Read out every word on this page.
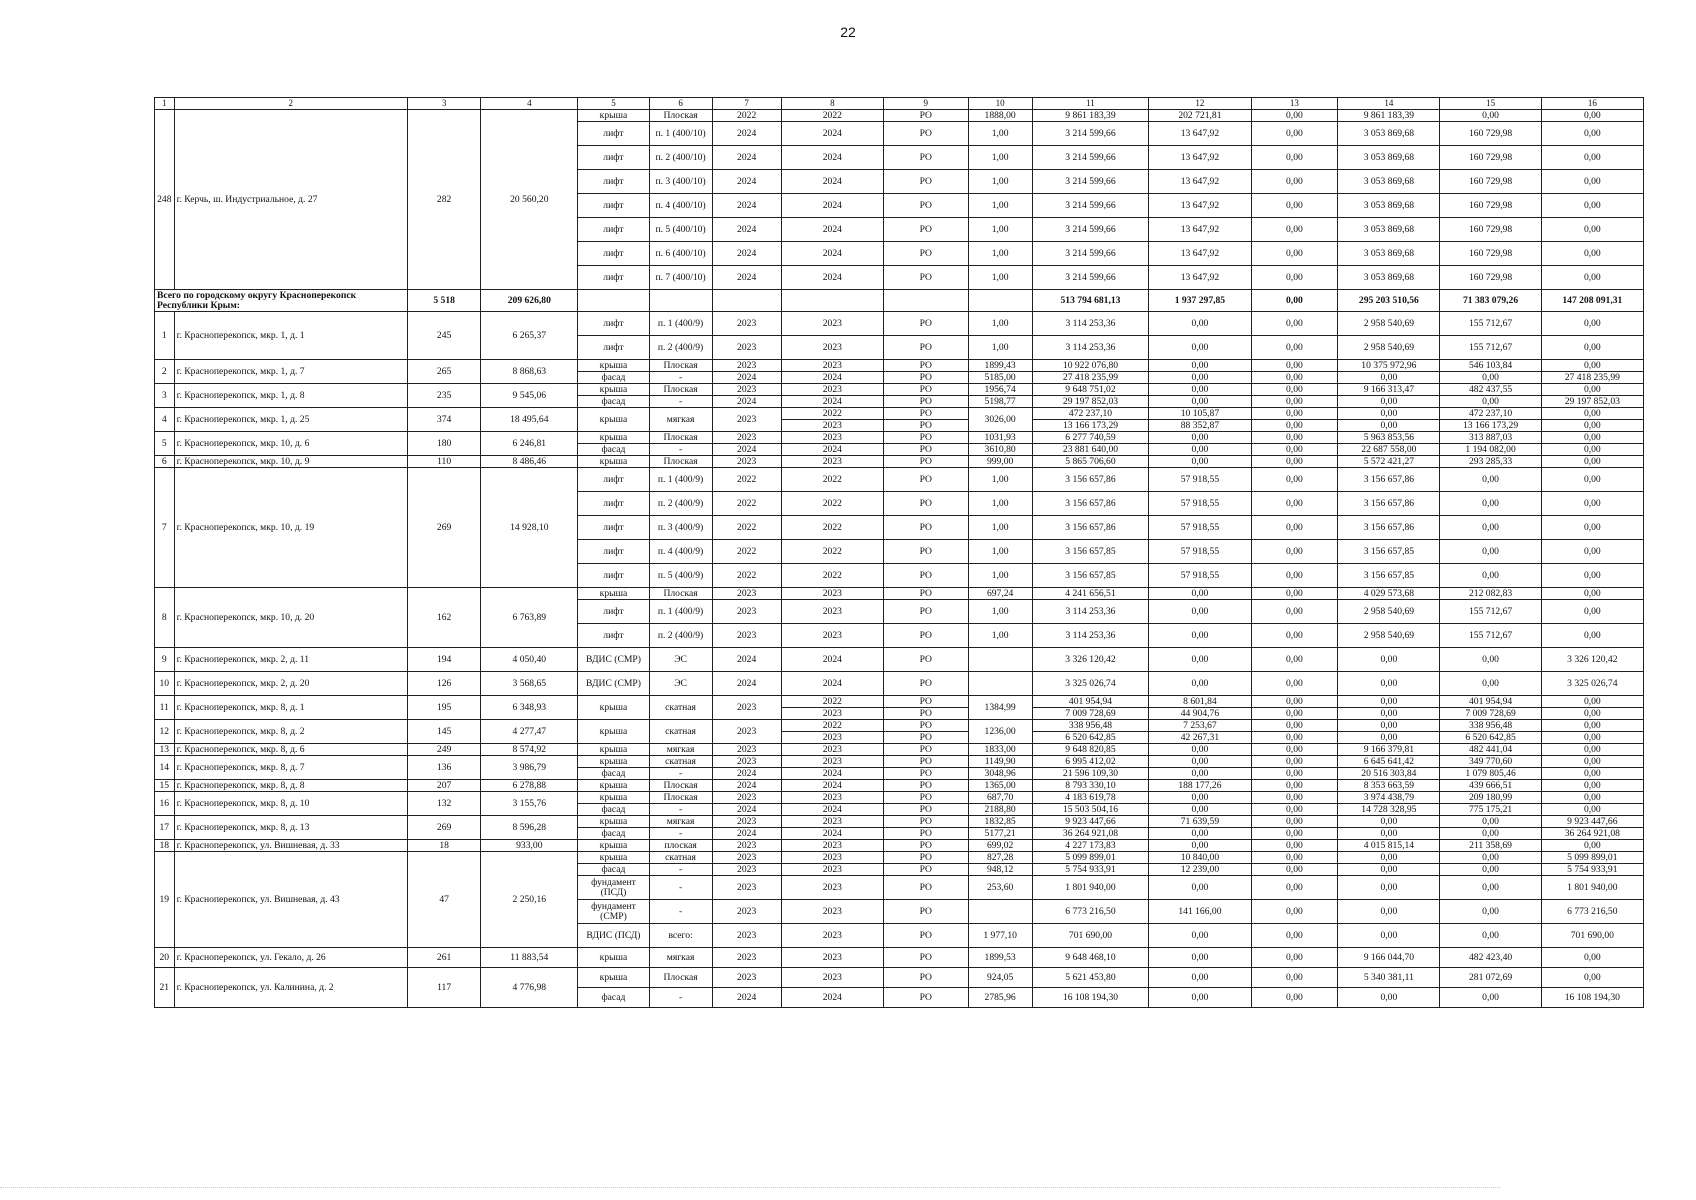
22
1	2	3	4	5	6	7	8	9	10	11	12	13	14	15	16
248	г. Керчь, ш. Индустриальное, д. 27	282	20 560,20	крыша	Плоская	2022	2022	РО	1888,00	9 861 183,39	202 721,81	0,00	9 861 183,39	0,00	0,00
				лифт	п. 1 (400/10)	2024	2024	РО	1,00	3 214 599,66	13 647,92	0,00	3 053 869,68	160 729,98	0,00
				лифт	п. 2 (400/10)	2024	2024	РО	1,00	3 214 599,66	13 647,92	0,00	3 053 869,68	160 729,98	0,00
				лифт	п. 3 (400/10)	2024	2024	РО	1,00	3 214 599,66	13 647,92	0,00	3 053 869,68	160 729,98	0,00
				лифт	п. 4 (400/10)	2024	2024	РО	1,00	3 214 599,66	13 647,92	0,00	3 053 869,68	160 729,98	0,00
				лифт	п. 5 (400/10)	2024	2024	РО	1,00	3 214 599,66	13 647,92	0,00	3 053 869,68	160 729,98	0,00
				лифт	п. 6 (400/10)	2024	2024	РО	1,00	3 214 599,66	13 647,92	0,00	3 053 869,68	160 729,98	0,00
				лифт	п. 7 (400/10)	2024	2024	РО	1,00	3 214 599,66	13 647,92	0,00	3 053 869,68	160 729,98	0,00
Всего по городскому округу Красноперекопск Республики Крым:		5 518	209 626,80							513 794 681,13	1 937 297,85	0,00	295 203 510,56	71 383 079,26	147 208 091,31
1	г. Красноперекопск, мкр. 1, д. 1	245	6 265,37	лифт	п. 1 (400/9)	2023	2023	РО	1,00	3 114 253,36	0,00	0,00	2 958 540,69	155 712,67	0,00
				лифт	п. 2 (400/9)	2023	2023	РО	1,00	3 114 253,36	0,00	0,00	2 958 540,69	155 712,67	0,00
2	г. Красноперекопск, мкр. 1, д. 7	265	8 868,63	крыша	Плоская	2023	2023	РО	1899,43	10 922 076,80	0,00	0,00	10 375 972,96	546 103,84	0,00
				фасад	-	2024	2024	РО	5185,00	27 418 235,99	0,00	0,00	0,00	0,00	27 418 235,99
3	г. Красноперекопск, мкр. 1, д. 8	235	9 545,06	крыша	Плоская	2023	2023	РО	1956,74	9 648 751,02	0,00	0,00	9 166 313,47	482 437,55	0,00
				фасад	-	2024	2024	РО	5198,77	29 197 852,03	0,00	0,00	0,00	0,00	29 197 852,03
4	г. Красноперекопск, мкр. 1, д. 25	374	18 495,64	крыша	мягкая	2023	2022	РО	3026,00	472 237,10	10 105,87	0,00	0,00	472 237,10	0,00
							2023	РО		13 166 173,29	88 352,87	0,00	0,00	13 166 173,29	0,00
5	г. Красноперекопск, мкр. 10, д. 6	180	6 246,81	крыша	Плоская	2023	2023	РО	1031,93	6 277 740,59	0,00	0,00	5 963 853,56	313 887,03	0,00
				фасад	-	2024	2024	РО	3610,80	23 881 640,00	0,00	0,00	22 687 558,00	1 194 082,00	0,00
6	г. Красноперекопск, мкр. 10, д. 9	110	8 486,46	крыша	Плоская	2023	2023	РО	999,00	5 865 706,60	0,00	0,00	5 572 421,27	293 285,33	0,00
7	г. Красноперекопск, мкр. 10, д. 19	269	14 928,10	лифт	п. 1 (400/9)	2022	2022	РО	1,00	3 156 657,86	57 918,55	0,00	3 156 657,86	0,00	0,00
				лифт	п. 2 (400/9)	2022	2022	РО	1,00	3 156 657,86	57 918,55	0,00	3 156 657,86	0,00	0,00
				лифт	п. 3 (400/9)	2022	2022	РО	1,00	3 156 657,86	57 918,55	0,00	3 156 657,86	0,00	0,00
				лифт	п. 4 (400/9)	2022	2022	РО	1,00	3 156 657,85	57 918,55	0,00	3 156 657,85	0,00	0,00
				лифт	п. 5 (400/9)	2022	2022	РО	1,00	3 156 657,85	57 918,55	0,00	3 156 657,85	0,00	0,00
8	г. Красноперекопск, мкр. 10, д. 20	162	6 763,89	крыша	Плоская	2023	2023	РО	697,24	4 241 656,51	0,00	0,00	4 029 573,68	212 082,83	0,00
				лифт	п. 1 (400/9)	2023	2023	РО	1,00	3 114 253,36	0,00	0,00	2 958 540,69	155 712,67	0,00
				лифт	п. 2 (400/9)	2023	2023	РО	1,00	3 114 253,36	0,00	0,00	2 958 540,69	155 712,67	0,00
9	г. Красноперекопск, мкр. 2, д. 11	194	4 050,40	ВДИС (СМР)	ЭС	2024	2024	РО		3 326 120,42	0,00	0,00	0,00	0,00	3 326 120,42
10	г. Красноперекопск, мкр. 2, д. 20	126	3 568,65	ВДИС (СМР)	ЭС	2024	2024	РО		3 325 026,74	0,00	0,00	0,00	0,00	3 325 026,74
11	г. Красноперекопск, мкр. 8, д. 1	195	6 348,93	крыша	скатная	2023	2022	РО	1384,99	401 954,94	8 601,84	0,00	0,00	401 954,94	0,00
							2023	РО		7 009 728,69	44 904,76	0,00	0,00	7 009 728,69	0,00
12	г. Красноперекопск, мкр. 8, д. 2	145	4 277,47	крыша	скатная	2023	2022	РО	1236,00	338 956,48	7 253,67	0,00	0,00	338 956,48	0,00
							2023	РО		6 520 642,85	42 267,31	0,00	0,00	6 520 642,85	0,00
13	г. Красноперекопск, мкр. 8, д. 6	249	8 574,92	крыша	мягкая	2023	2023	РО	1833,00	9 648 820,85	0,00	0,00	9 166 379,81	482 441,04	0,00
14	г. Красноперекопск, мкр. 8, д. 7	136	3 986,79	крыша	скатная	2023	2023	РО	1149,90	6 995 412,02	0,00	0,00	6 645 641,42	349 770,60	0,00
				фасад	-	2024	2024	РО	3048,96	21 596 109,30	0,00	0,00	20 516 303,84	1 079 805,46	0,00
15	г. Красноперекопск, мкр. 8, д. 8	207	6 278,88	крыша	Плоская	2024	2024	РО	1365,00	8 793 330,10	188 177,26	0,00	8 353 663,59	439 666,51	0,00
16	г. Красноперекопск, мкр. 8, д. 10	132	3 155,76	крыша	Плоская	2023	2023	РО	687,70	4 183 619,78	0,00	0,00	3 974 438,79	209 180,99	0,00
				фасад	-	2024	2024	РО	2188,80	15 503 504,16	0,00	0,00	14 728 328,95	775 175,21	0,00
17	г. Красноперекопск, мкр. 8, д. 13	269	8 596,28	крыша	мягкая	2023	2023	РО	1832,85	9 923 447,66	71 639,59	0,00	0,00	0,00	9 923 447,66
				фасад	-	2024	2024	РО	5177,21	36 264 921,08	0,00	0,00	0,00	0,00	36 264 921,08
18	г. Красноперекопск, ул. Вишневая, д. 33	18	933,00	крыша	плоская	2023	2023	РО	699,02	4 227 173,83	0,00	0,00	4 015 815,14	211 358,69	0,00
19	г. Красноперекопск, ул. Вишневая, д. 43	47	2 250,16	крыша	скатная	2023	2023	РО	827,28	5 099 899,01	10 840,00	0,00	0,00	0,00	5 099 899,01
				фасад	-	2023	2023	РО	948,12	5 754 933,91	12 239,00	0,00	0,00	0,00	5 754 933,91
				фундамент (ПСД)	-	2023	2023	РО	253,60	1 801 940,00	0,00	0,00	0,00	0,00	1 801 940,00
				фундамент (СМР)	-	2023	2023	РО		6 773 216,50	141 166,00	0,00	0,00	0,00	6 773 216,50
				ВДИС (ПСД)	всего:	2023	2023	РО	1 977,10	701 690,00	0,00	0,00	0,00	0,00	701 690,00
20	г. Красноперекопск, ул. Гекало, д. 26	261	11 883,54	крыша	мягкая	2023	2023	РО	1899,53	9 648 468,10	0,00	0,00	9 166 044,70	482 423,40	0,00
21	г. Красноперекопск, ул. Калинина, д. 2	117	4 776,98	крыша	Плоская	2023	2023	РО	924,05	5 621 453,80	0,00	0,00	5 340 381,11	281 072,69	0,00
				фасад	-	2024	2024	РО	2785,96	16 108 194,30	0,00	0,00	0,00	0,00	16 108 194,30
